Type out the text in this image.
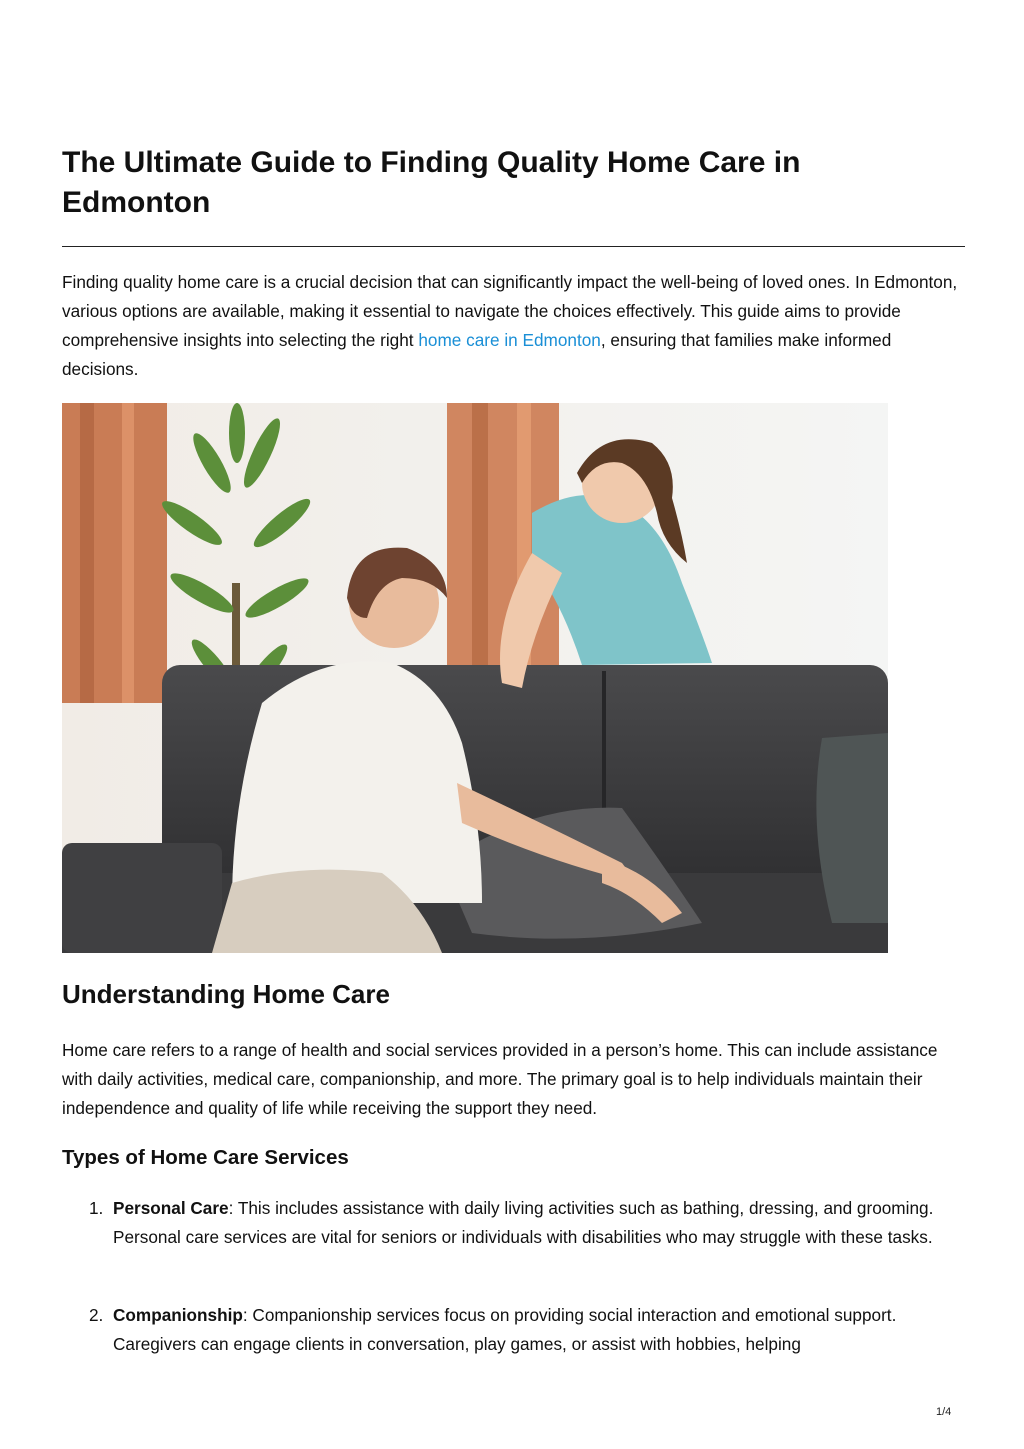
The Ultimate Guide to Finding Quality Home Care in Edmonton

Finding quality home care is a crucial decision that can significantly impact the well-being of loved ones. In Edmonton, various options are available, making it essential to navigate the choices effectively. This guide aims to provide comprehensive insights into selecting the right home care in Edmonton, ensuring that families make informed decisions.

Understanding Home Care

Home care refers to a range of health and social services provided in a person’s home. This can include assistance with daily activities, medical care, companionship, and more. The primary goal is to help individuals maintain their independence and quality of life while receiving the support they need.

Types of Home Care Services
1. Personal Care: This includes assistance with daily living activities such as bathing, dressing, and grooming. Personal care services are vital for seniors or individuals with disabilities who may struggle with these tasks.
2. Companionship: Companionship services focus on providing social interaction and emotional support. Caregivers can engage clients in conversation, play games, or assist with hobbies, helping
1/4
